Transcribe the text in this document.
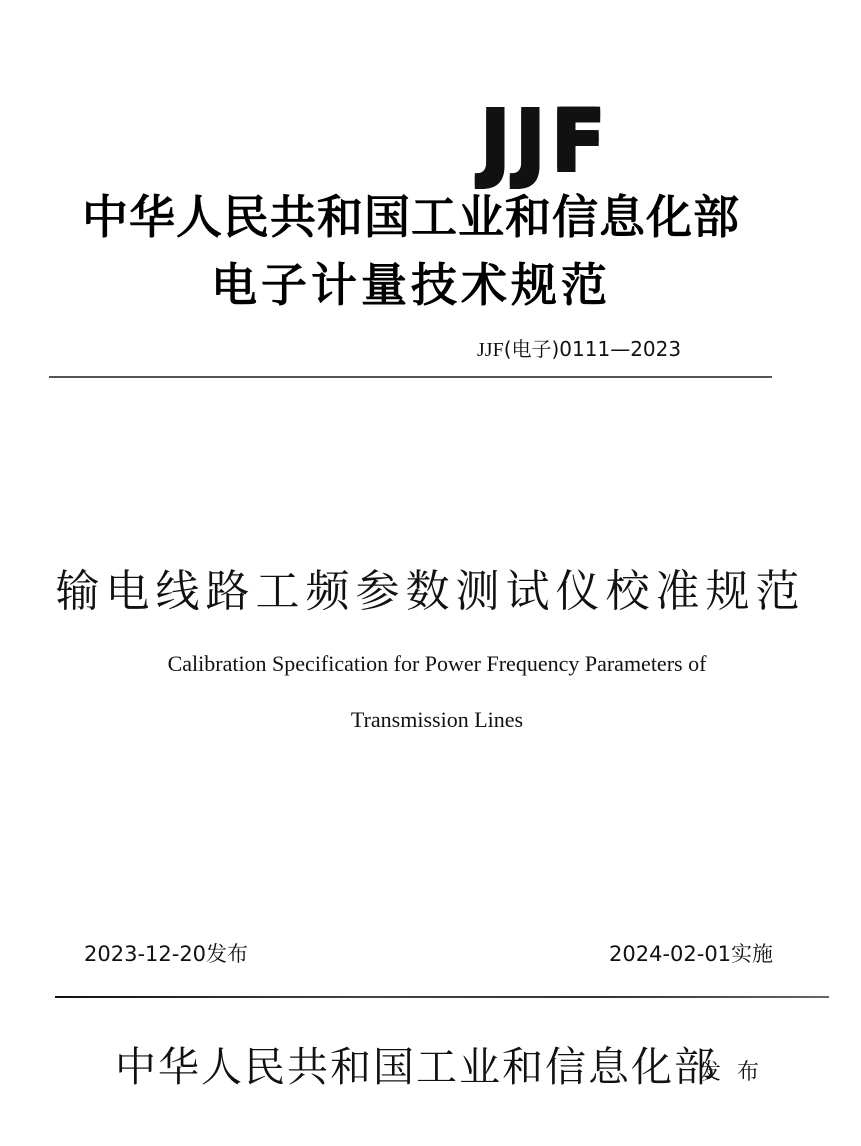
J J F
中华人民共和国工业和信息化部
电子计量技术规范
JJF(电子)0111—2023
输电线路工频参数测试仪校准规范
Calibration Specification for Power Frequency Parameters of
Transmission Lines
2023-12-20发布	2024-02-01实施
中华人民共和国工业和信息化部
发布
